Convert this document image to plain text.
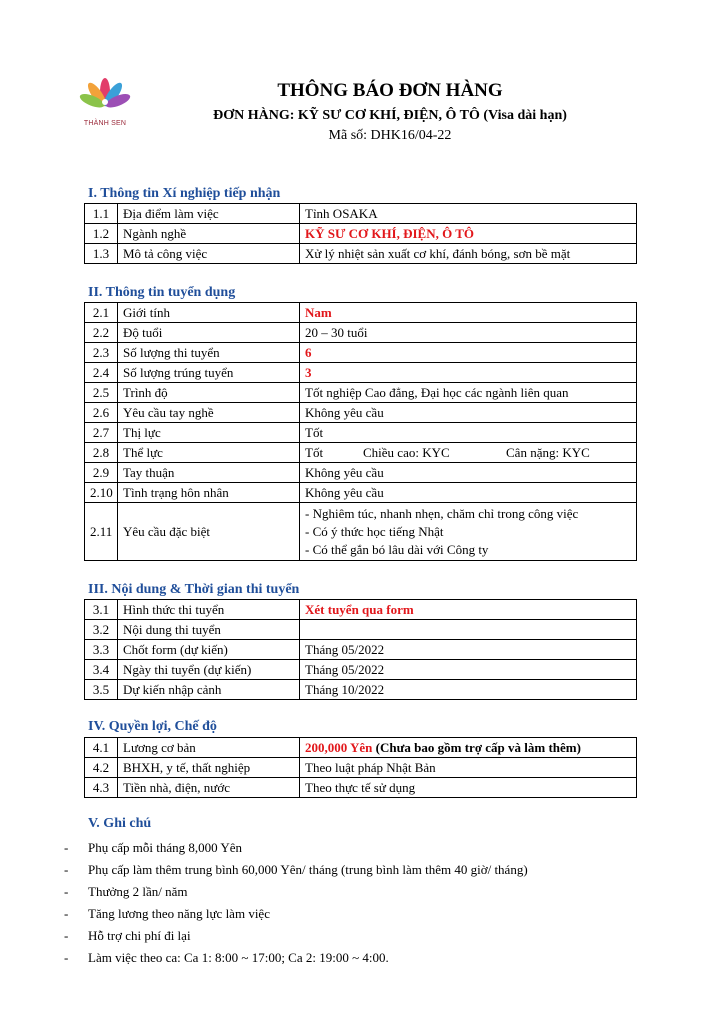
THÀNH SEN
THÔNG BÁO ĐƠN HÀNG
ĐƠN HÀNG: KỸ SƯ CƠ KHÍ, ĐIỆN, Ô TÔ (Visa dài hạn)
Mã số: DHK16/04-22
I. Thông tin Xí nghiệp tiếp nhận
1.1	Địa điểm làm việc	Tỉnh OSAKA
1.2	Ngành nghề	KỸ SƯ CƠ KHÍ, ĐIỆN, Ô TÔ
1.3	Mô tả công việc	Xử lý nhiệt sản xuất cơ khí, đánh bóng, sơn bề mặt
II. Thông tin tuyển dụng
2.1	Giới tính	Nam
2.2	Độ tuổi	20 – 30 tuổi
2.3	Số lượng thi tuyển	6
2.4	Số lượng trúng tuyển	3
2.5	Trình độ	Tốt nghiệp Cao đẳng, Đại học các ngành liên quan
2.6	Yêu cầu tay nghề	Không yêu cầu
2.7	Thị lực	Tốt
2.8	Thể lực	Tốt Chiều cao: KYC Cân nặng: KYC
2.9	Tay thuận	Không yêu cầu
2.10	Tình trạng hôn nhân	Không yêu cầu
2.11	Yêu cầu đặc biệt	- Nghiêm túc, nhanh nhẹn, chăm chỉ trong công việc
- Có ý thức học tiếng Nhật
- Có thể gắn bó lâu dài với Công ty
III. Nội dung & Thời gian thi tuyển
3.1	Hình thức thi tuyển	Xét tuyển qua form
3.2	Nội dung thi tuyển	
3.3	Chốt form (dự kiến)	Tháng 05/2022
3.4	Ngày thi tuyển (dự kiến)	Tháng 05/2022
3.5	Dự kiến nhập cảnh	Tháng 10/2022
IV. Quyền lợi, Chế độ
4.1	Lương cơ bản	200,000 Yên (Chưa bao gồm trợ cấp và làm thêm)
4.2	BHXH, y tế, thất nghiệp	Theo luật pháp Nhật Bản
4.3	Tiền nhà, điện, nước	Theo thực tế sử dụng
V. Ghi chú
- Phụ cấp mỗi tháng 8,000 Yên
- Phụ cấp làm thêm trung bình 60,000 Yên/ tháng (trung bình làm thêm 40 giờ/ tháng)
- Thưởng 2 lần/ năm
- Tăng lương theo năng lực làm việc
- Hỗ trợ chi phí đi lại
- Làm việc theo ca: Ca 1: 8:00 ~ 17:00; Ca 2: 19:00 ~ 4:00.
